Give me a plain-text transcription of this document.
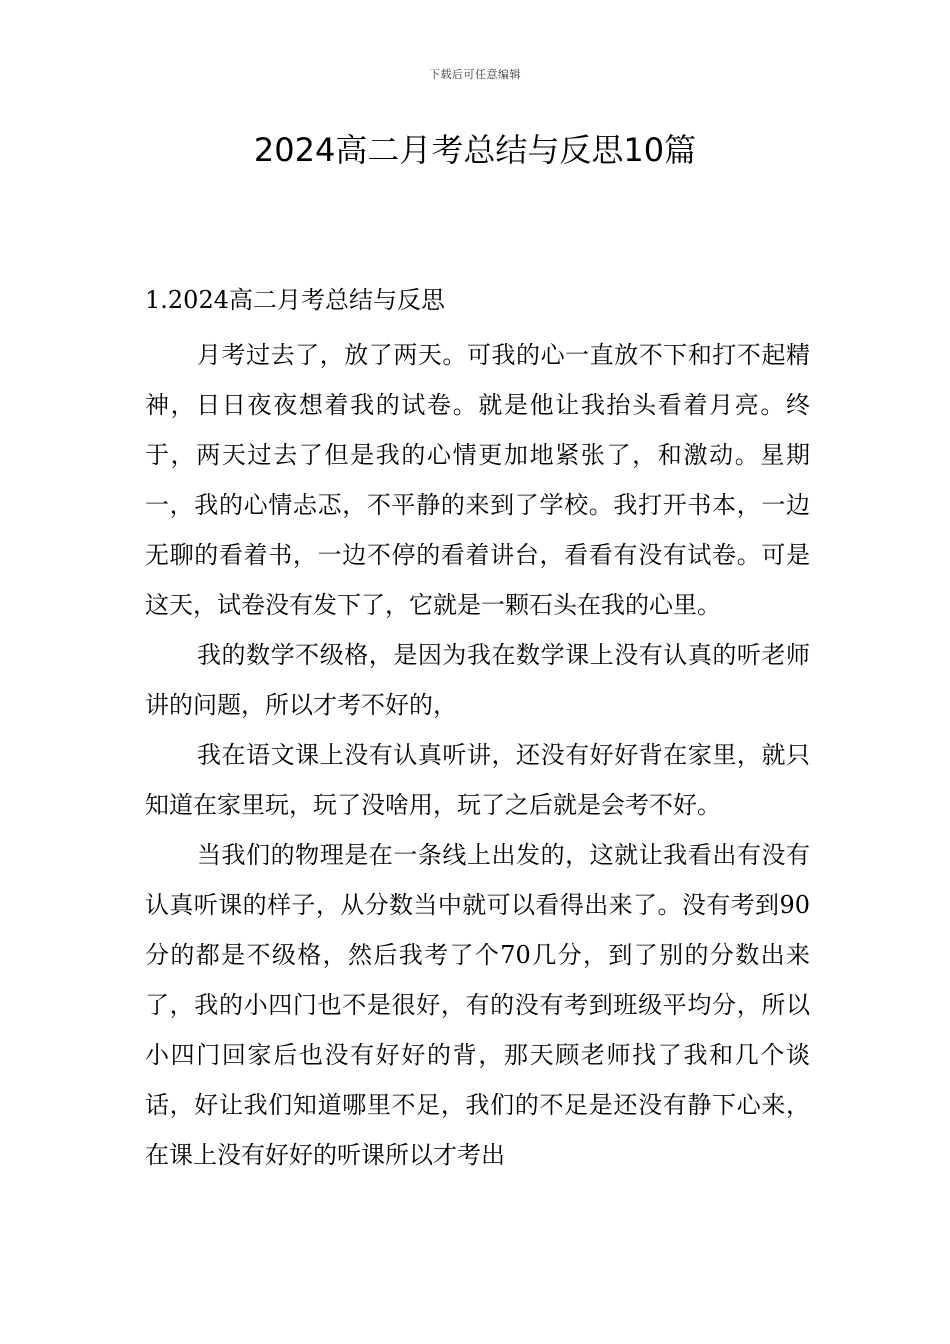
下载后可任意编辑
2024高二月考总结与反思10篇
1.2024高二月考总结与反思

月考过去了，放了两天。可我的心一直放不下和打不起精神，日日夜夜想着我的试卷。就是他让我抬头看着月亮。终于，两天过去了但是我的心情更加地紧张了，和激动。星期一，我的心情忐忑，不平静的来到了学校。我打开书本，一边无聊的看着书，一边不停的看着讲台，看看有没有试卷。可是这天，试卷没有发下了，它就是一颗石头在我的心里。

我的数学不级格，是因为我在数学课上没有认真的听老师讲的问题，所以才考不好的，

我在语文课上没有认真听讲，还没有好好背在家里，就只知道在家里玩，玩了没啥用，玩了之后就是会考不好。

当我们的物理是在一条线上出发的，这就让我看出有没有认真听课的样子，从分数当中就可以看得出来了。没有考到90分的都是不级格，然后我考了个70几分，到了别的分数出来了，我的小四门也不是很好，有的没有考到班级平均分，所以小四门回家后也没有好好的背，那天顾老师找了我和几个谈话，好让我们知道哪里不足，我们的不足是还没有静下心来，在课上没有好好的听课所以才考出
